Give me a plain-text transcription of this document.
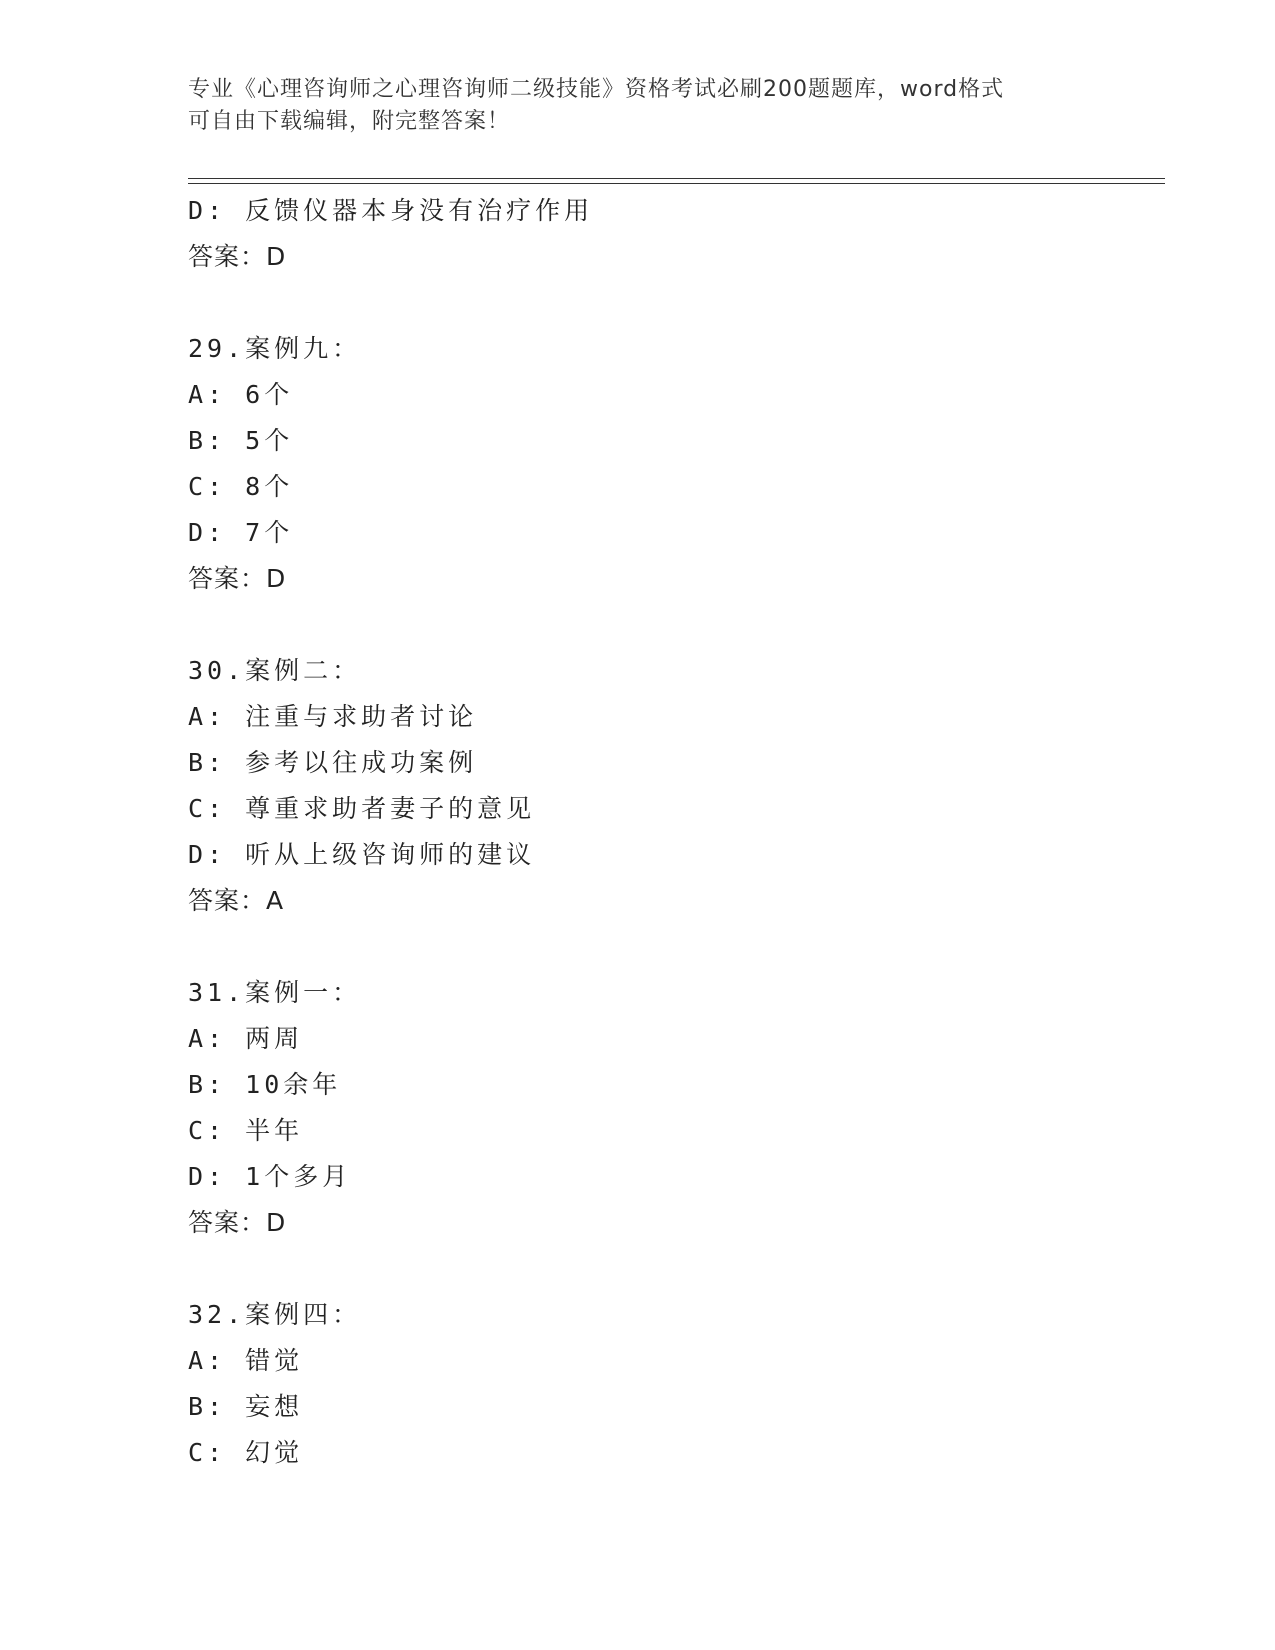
专业《心理咨询师之心理咨询师二级技能》资格考试必刷200题题库，word格式
可自由下载编辑，附完整答案！
D: 反馈仪器本身没有治疗作用
答案：D
29.案例九：
A: 6个
B: 5个
C: 8个
D: 7个
答案：D
30.案例二：
A: 注重与求助者讨论
B: 参考以往成功案例
C: 尊重求助者妻子的意见
D: 听从上级咨询师的建议
答案：A
31.案例一：
A: 两周
B: 10余年
C: 半年
D: 1个多月
答案：D
32.案例四：
A: 错觉
B: 妄想
C: 幻觉
